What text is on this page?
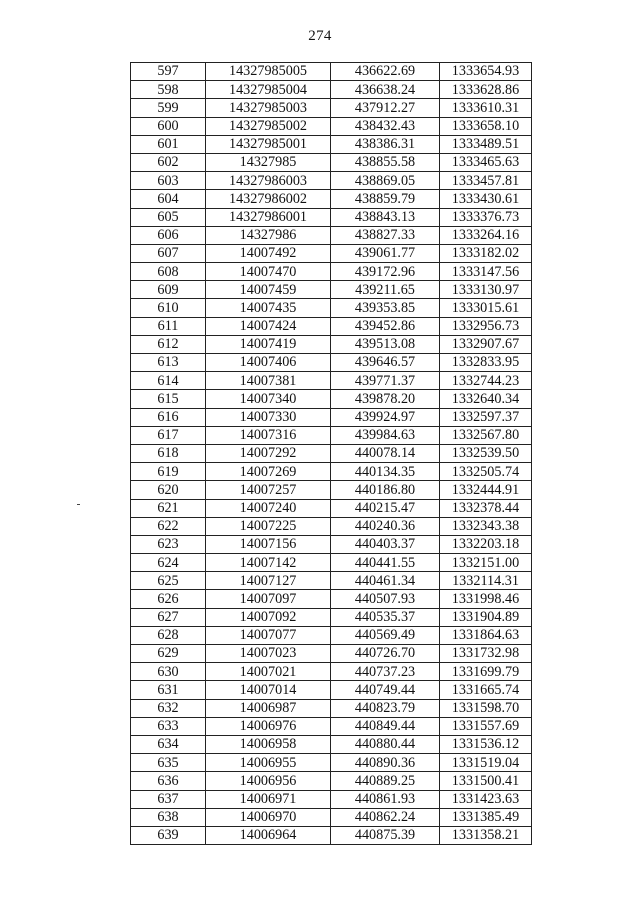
274
597	14327985005	436622.69	1333654.93
598	14327985004	436638.24	1333628.86
599	14327985003	437912.27	1333610.31
600	14327985002	438432.43	1333658.10
601	14327985001	438386.31	1333489.51
602	14327985	438855.58	1333465.63
603	14327986003	438869.05	1333457.81
604	14327986002	438859.79	1333430.61
605	14327986001	438843.13	1333376.73
606	14327986	438827.33	1333264.16
607	14007492	439061.77	1333182.02
608	14007470	439172.96	1333147.56
609	14007459	439211.65	1333130.97
610	14007435	439353.85	1333015.61
611	14007424	439452.86	1332956.73
612	14007419	439513.08	1332907.67
613	14007406	439646.57	1332833.95
614	14007381	439771.37	1332744.23
615	14007340	439878.20	1332640.34
616	14007330	439924.97	1332597.37
617	14007316	439984.63	1332567.80
618	14007292	440078.14	1332539.50
619	14007269	440134.35	1332505.74
620	14007257	440186.80	1332444.91
621	14007240	440215.47	1332378.44
622	14007225	440240.36	1332343.38
623	14007156	440403.37	1332203.18
624	14007142	440441.55	1332151.00
625	14007127	440461.34	1332114.31
626	14007097	440507.93	1331998.46
627	14007092	440535.37	1331904.89
628	14007077	440569.49	1331864.63
629	14007023	440726.70	1331732.98
630	14007021	440737.23	1331699.79
631	14007014	440749.44	1331665.74
632	14006987	440823.79	1331598.70
633	14006976	440849.44	1331557.69
634	14006958	440880.44	1331536.12
635	14006955	440890.36	1331519.04
636	14006956	440889.25	1331500.41
637	14006971	440861.93	1331423.63
638	14006970	440862.24	1331385.49
639	14006964	440875.39	1331358.21
